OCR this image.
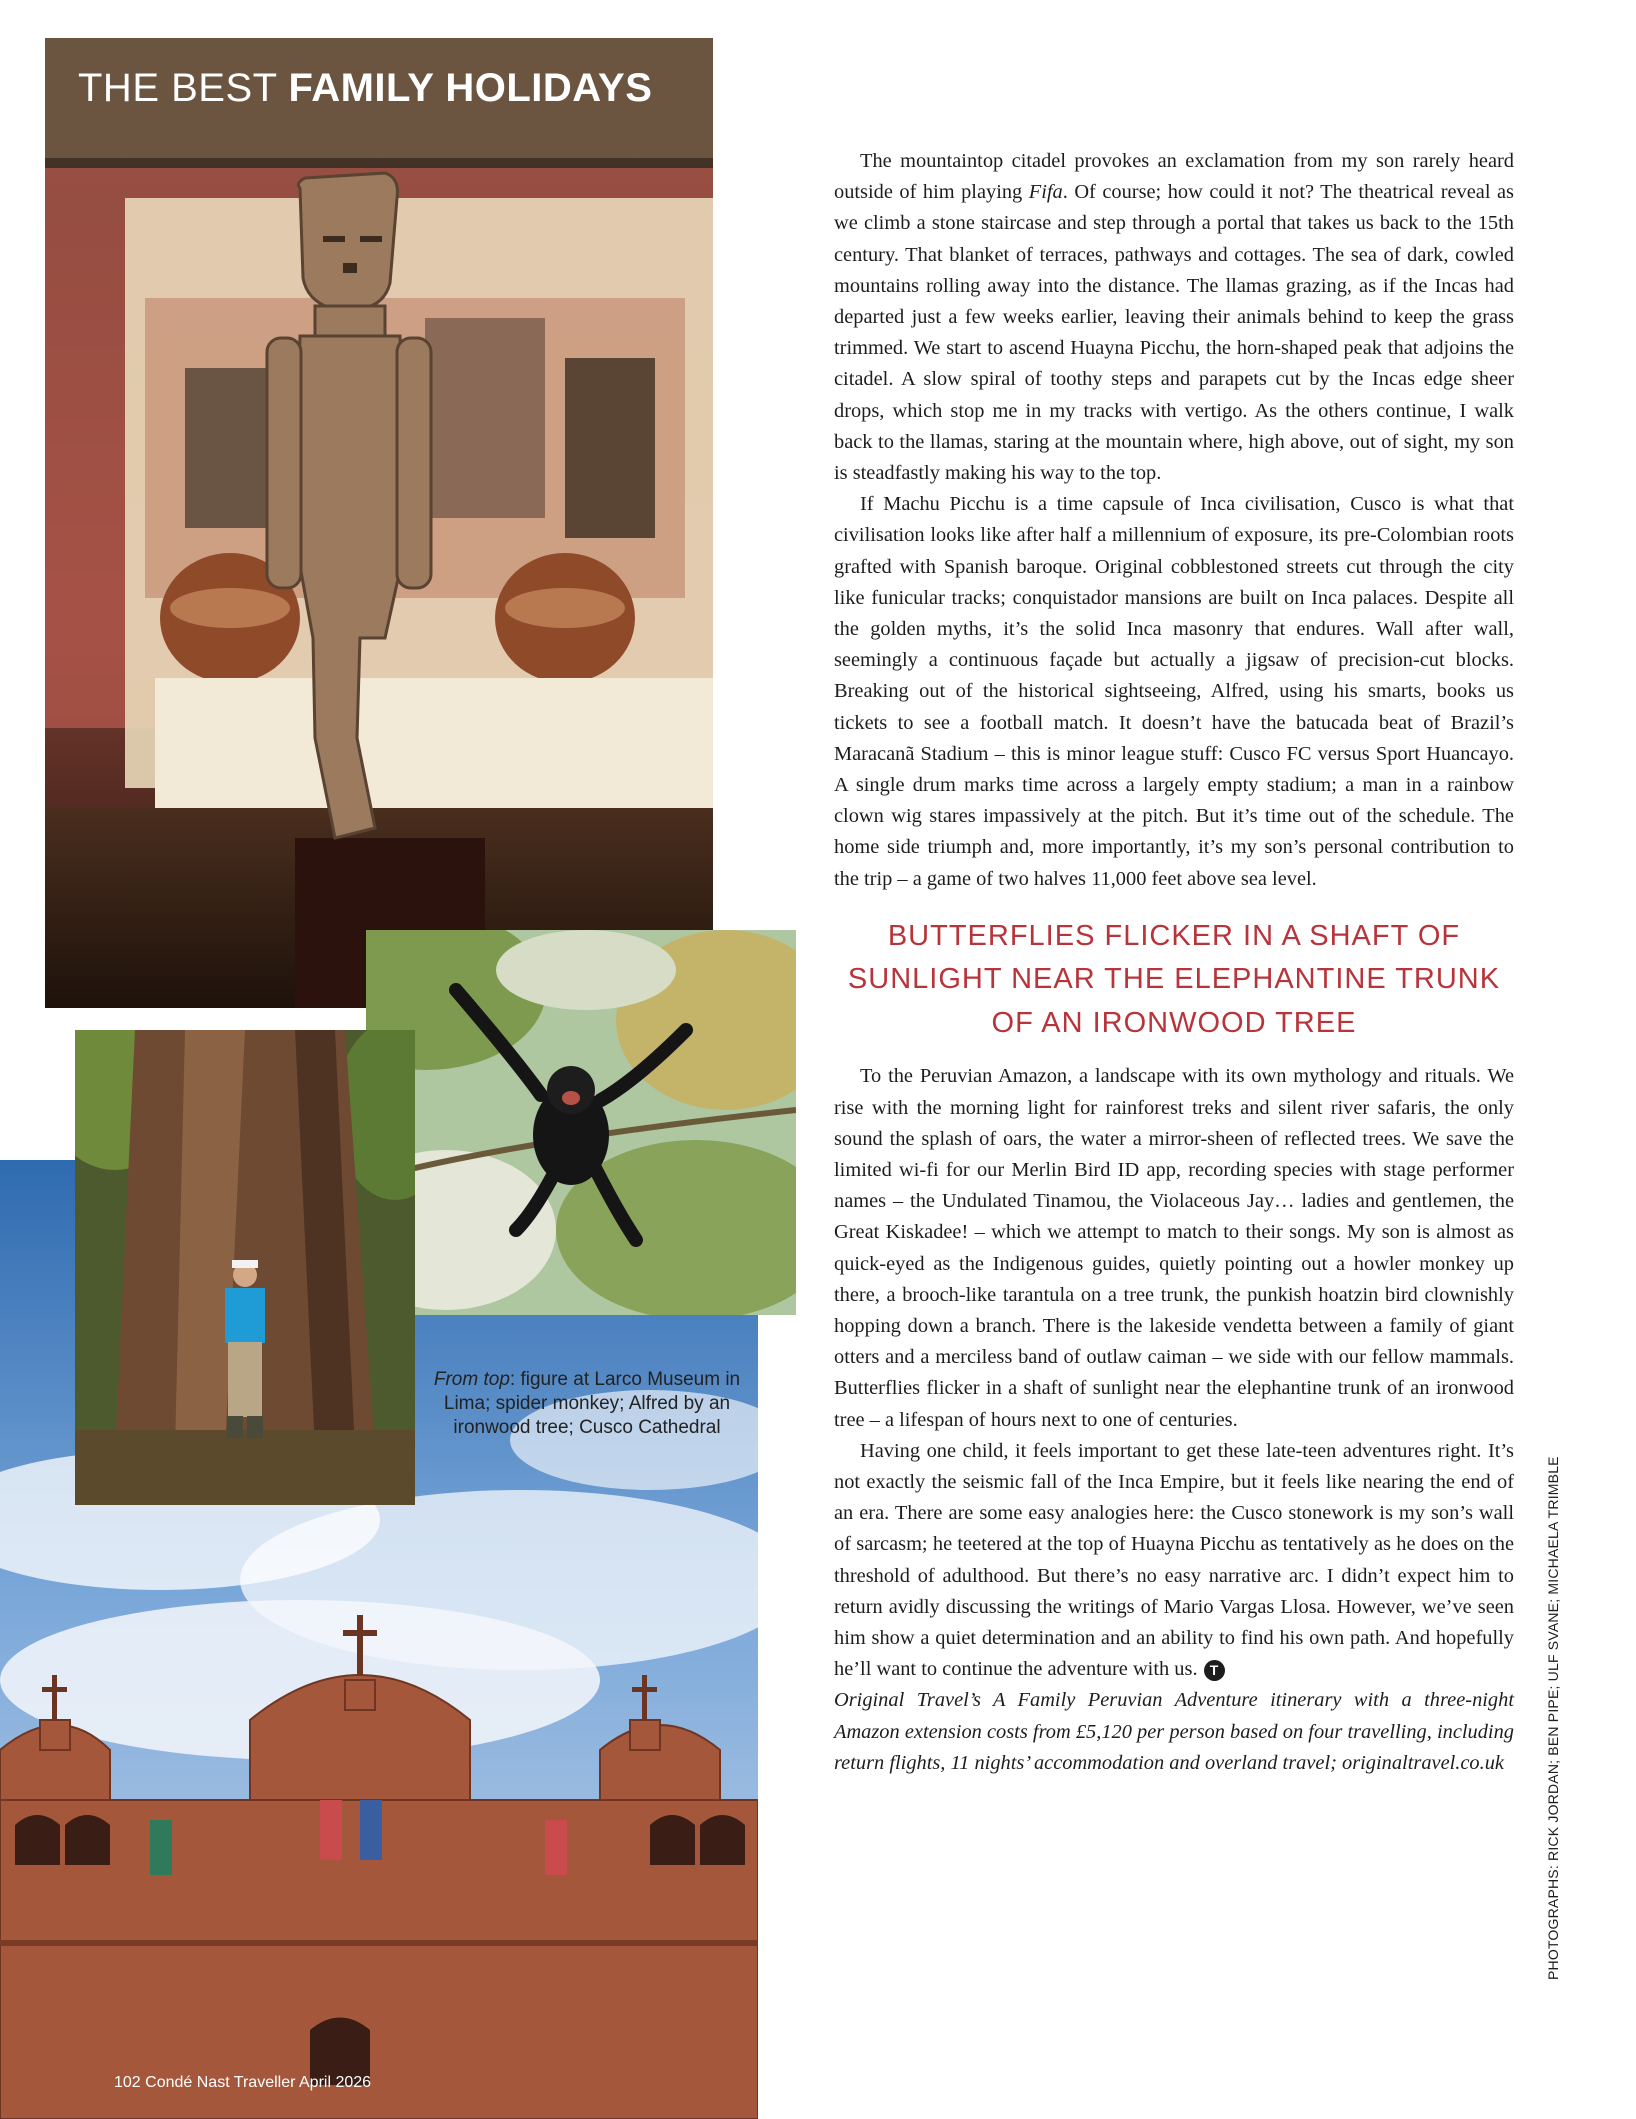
THE BEST FAMILY HOLIDAYS
From top: figure at Larco Museum in Lima; spider monkey; Alfred by an ironwood tree; Cusco Cathedral
102 Condé Nast Traveller April 2026

The mountaintop citadel provokes an exclamation from my son rarely heard outside of him playing Fifa. Of course; how could it not? The theatrical reveal as we climb a stone staircase and step through a portal that takes us back to the 15th century. That blanket of terraces, pathways and cottages. The sea of dark, cowled mountains rolling away into the distance. The llamas grazing, as if the Incas had departed just a few weeks earlier, leaving their animals behind to keep the grass trimmed. We start to ascend Huayna Picchu, the horn-shaped peak that adjoins the citadel. A slow spiral of toothy steps and parapets cut by the Incas edge sheer drops, which stop me in my tracks with vertigo. As the others continue, I walk back to the llamas, staring at the mountain where, high above, out of sight, my son is steadfastly making his way to the top.

If Machu Picchu is a time capsule of Inca civilisation, Cusco is what that civilisation looks like after half a millennium of exposure, its pre-Colombian roots grafted with Spanish baroque. Original cobblestoned streets cut through the city like funicular tracks; conquistador mansions are built on Inca palaces. Despite all the golden myths, it’s the solid Inca masonry that endures. Wall after wall, seemingly a continuous façade but actually a jigsaw of precision-cut blocks. Breaking out of the historical sightseeing, Alfred, using his smarts, books us tickets to see a football match. It doesn’t have the batucada beat of Brazil’s Maracanã Stadium – this is minor league stuff: Cusco FC versus Sport Huancayo. A single drum marks time across a largely empty stadium; a man in a rainbow clown wig stares impassively at the pitch. But it’s time out of the schedule. The home side triumph and, more importantly, it’s my son’s personal contribution to the trip – a game of two halves 11,000 feet above sea level.

BUTTERFLIES FLICKER IN A SHAFT OF SUNLIGHT NEAR THE ELEPHANTINE TRUNK OF AN IRONWOOD TREE

To the Peruvian Amazon, a landscape with its own mythology and rituals. We rise with the morning light for rainforest treks and silent river safaris, the only sound the splash of oars, the water a mirror-sheen of reflected trees. We save the limited wi-fi for our Merlin Bird ID app, recording species with stage performer names – the Undulated Tinamou, the Violaceous Jay… ladies and gentlemen, the Great Kiskadee! – which we attempt to match to their songs. My son is almost as quick-eyed as the Indigenous guides, quietly pointing out a howler monkey up there, a brooch-like tarantula on a tree trunk, the punkish hoatzin bird clownishly hopping down a branch. There is the lakeside vendetta between a family of giant otters and a merciless band of outlaw caiman – we side with our fellow mammals. Butterflies flicker in a shaft of sunlight near the elephantine trunk of an ironwood tree – a lifespan of hours next to one of centuries.

Having one child, it feels important to get these late-teen adventures right. It’s not exactly the seismic fall of the Inca Empire, but it feels like nearing the end of an era. There are some easy analogies here: the Cusco stonework is my son’s wall of sarcasm; he teetered at the top of Huayna Picchu as tentatively as he does on the threshold of adulthood. But there’s no easy narrative arc. I didn’t expect him to return avidly discussing the writings of Mario Vargas Llosa. However, we’ve seen him show a quiet determination and an ability to find his own path. And hopefully he’ll want to continue the adventure with us. T

Original Travel’s A Family Peruvian Adventure itinerary with a three-night Amazon extension costs from £5,120 per person based on four travelling, including return flights, 11 nights’ accommodation and overland travel; originaltravel.co.uk	PHOTOGRAPHS: RICK JORDAN; BEN PIPE; ULF SVANE; MICHAELA TRIMBLE
